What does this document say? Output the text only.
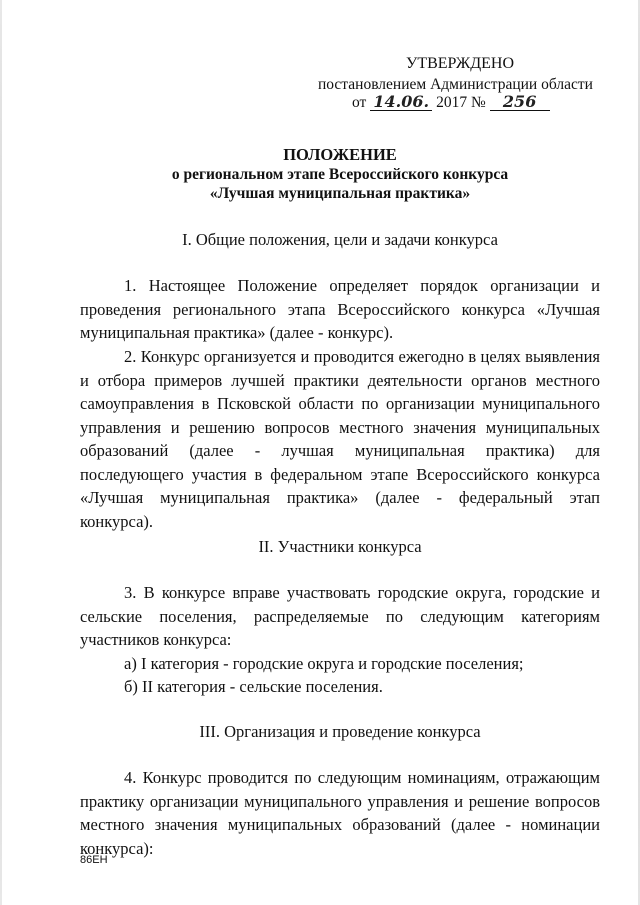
УТВЕРЖДЕНО
постановлением Администрации области
от 14.06. 2017 № 256
ПОЛОЖЕНИЕ
о региональном этапе Всероссийского конкурса
«Лучшая муниципальная практика»
I. Общие положения, цели и задачи конкурса
1. Настоящее Положение определяет порядок организации и проведения регионального этапа Всероссийского конкурса «Лучшая муниципальная практика» (далее - конкурс).
2. Конкурс организуется и проводится ежегодно в целях выявления и отбора примеров лучшей практики деятельности органов местного самоуправления в Псковской области по организации муниципального управления и решению вопросов местного значения муниципальных образований (далее - лучшая муниципальная практика) для последующего участия в федеральном этапе Всероссийского конкурса «Лучшая муниципальная практика» (далее - федеральный этап конкурса).
II. Участники конкурса
3. В конкурсе вправе участвовать городские округа, городские и сельские поселения, распределяемые по следующим категориям участников конкурса:
а) I категория - городские округа и городские поселения;
б) II категория - сельские поселения.
III. Организация и проведение конкурса
4. Конкурс проводится по следующим номинациям, отражающим практику организации муниципального управления и решение вопросов местного значения муниципальных образований (далее - номинации конкурса):
86ЕН
